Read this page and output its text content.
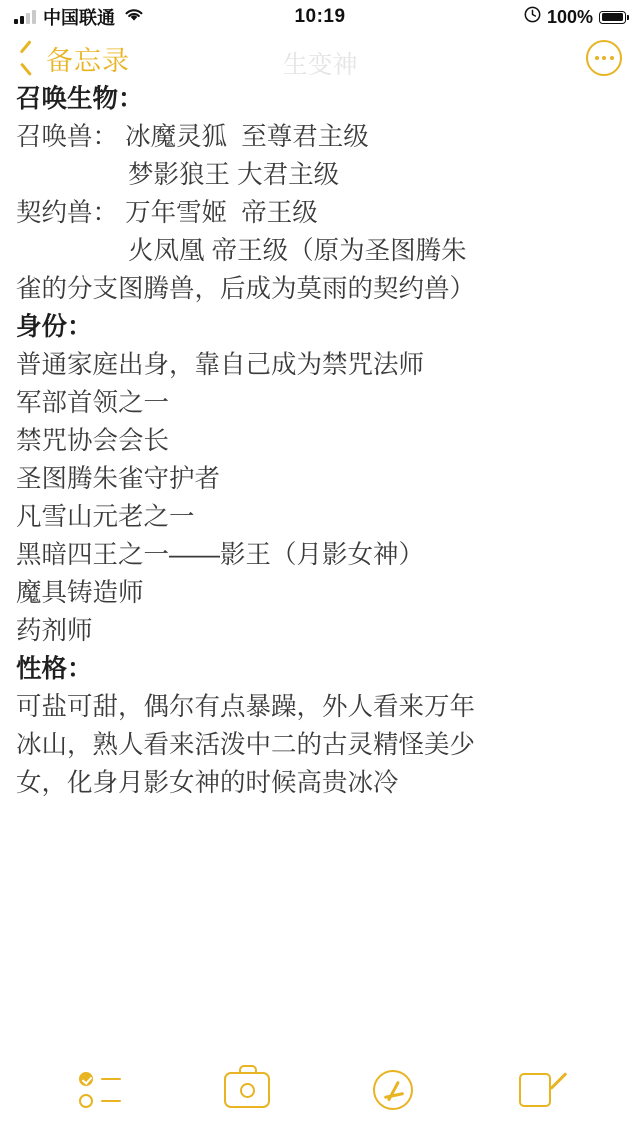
中国联通	10:19	100%
备忘录	生变神
召唤生物：
召唤兽： 冰魔灵狐  至尊君主级
梦影狼王 大君主级
契约兽： 万年雪姬  帝王级
火凤凰 帝王级（原为圣图腾朱
雀的分支图腾兽，后成为莫雨的契约兽）
身份：
普通家庭出身，靠自己成为禁咒法师
军部首领之一
禁咒协会会长
圣图腾朱雀守护者
凡雪山元老之一
黑暗四王之一——影王（月影女神）
魔具铸造师
药剂师
性格：
可盐可甜，偶尔有点暴躁，外人看来万年
冰山，熟人看来活泼中二的古灵精怪美少
女，化身月影女神的时候高贵冰冷
